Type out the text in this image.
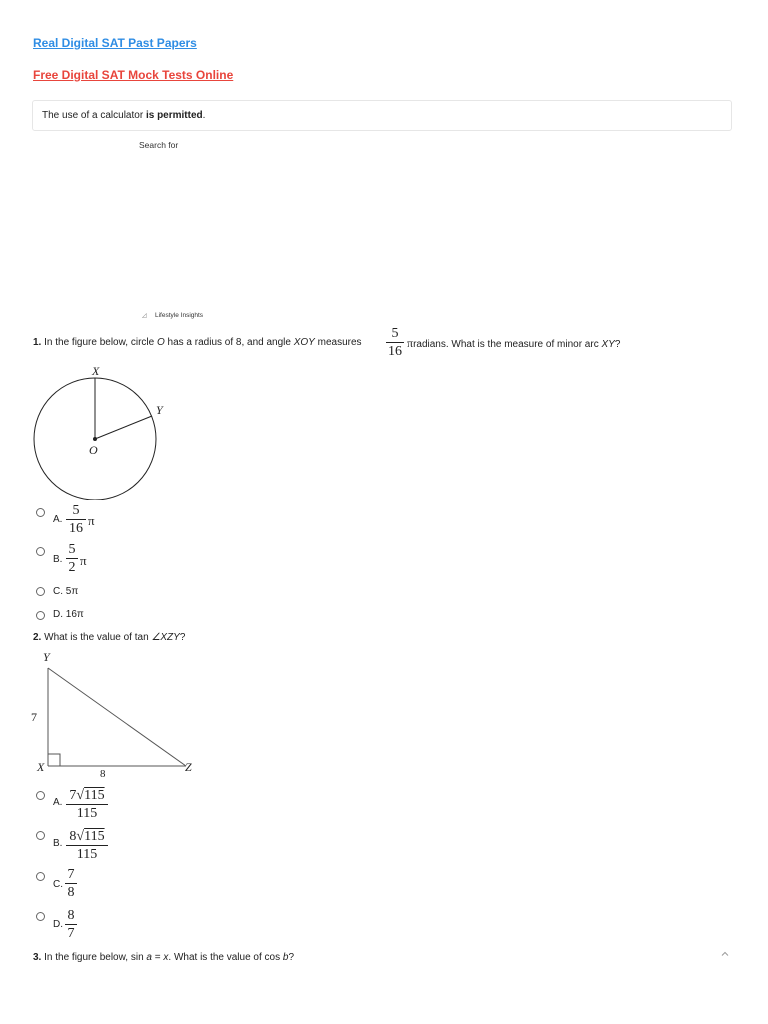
Real Digital SAT Past Papers
Free Digital SAT Mock Tests Online
The use of a calculator is permitted.
Search for
◿ Lifestyle Insights
1. In the figure below, circle O has a radius of 8, and angle XOY measures
5
16
πradians. What is the measure of minor arc XY?
X
Y
O
A.
5
16
π
B.
5
2 π
C. 5π
D. 16π
2. What is the value of tan ∠XZY?
Y
X	Z
7
8
A. 7√115
115
B. 8√115
115
C.
7
8
D.
8
7
3. In the figure below, sin a = x. What is the value of cos b?
